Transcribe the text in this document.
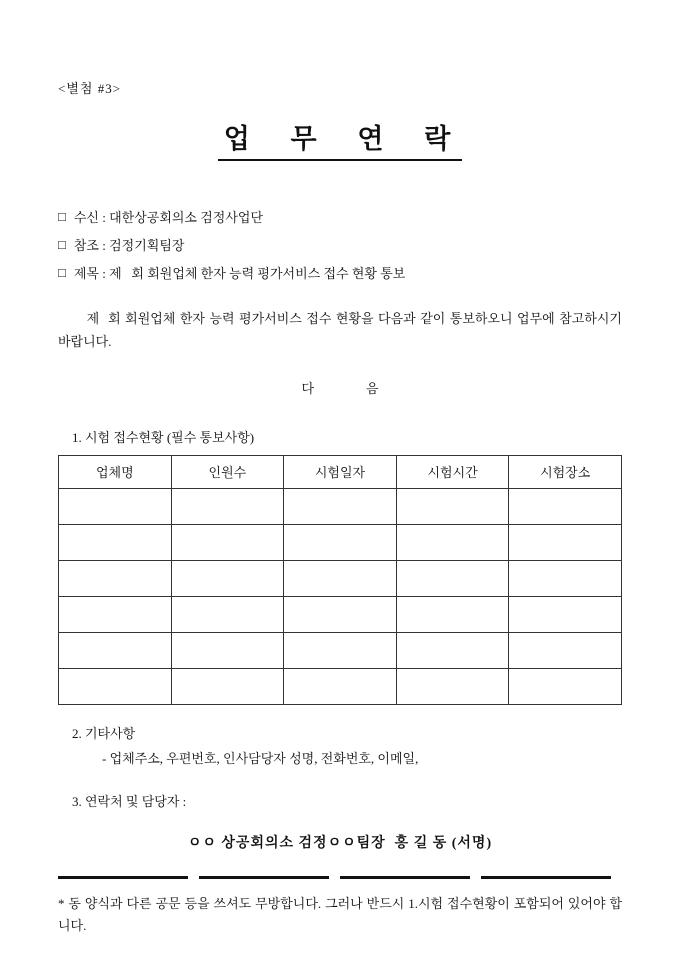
<별첨 #3>
업 무 연 락
□ 수신 : 대한상공회의소 검정사업단
□ 참조 : 검정기획팀장
□ 제목 : 제   회 회원업체 한자 능력 평가서비스 접수 현황 통보
제  회 회원업체 한자 능력 평가서비스 접수 현황을 다음과 같이 통보하오니 업무에 참고하시기 바랍니다.
다                음
1. 시험 접수현황 (필수 통보사항)
업체명	인원수	시험일자	시험시간	시험장소

2. 기타사항
- 업체주소, 우편번호, 인사담당자 성명, 전화번호, 이메일,
3. 연락처 및 담당자 :
ㅇㅇ 상공회의소 검정ㅇㅇ팀장  홍 길 동 (서명)
* 동 양식과 다른 공문 등을 쓰셔도 무방합니다. 그러나 반드시 1.시험 접수현황이 포함되어 있어야 합니다.
